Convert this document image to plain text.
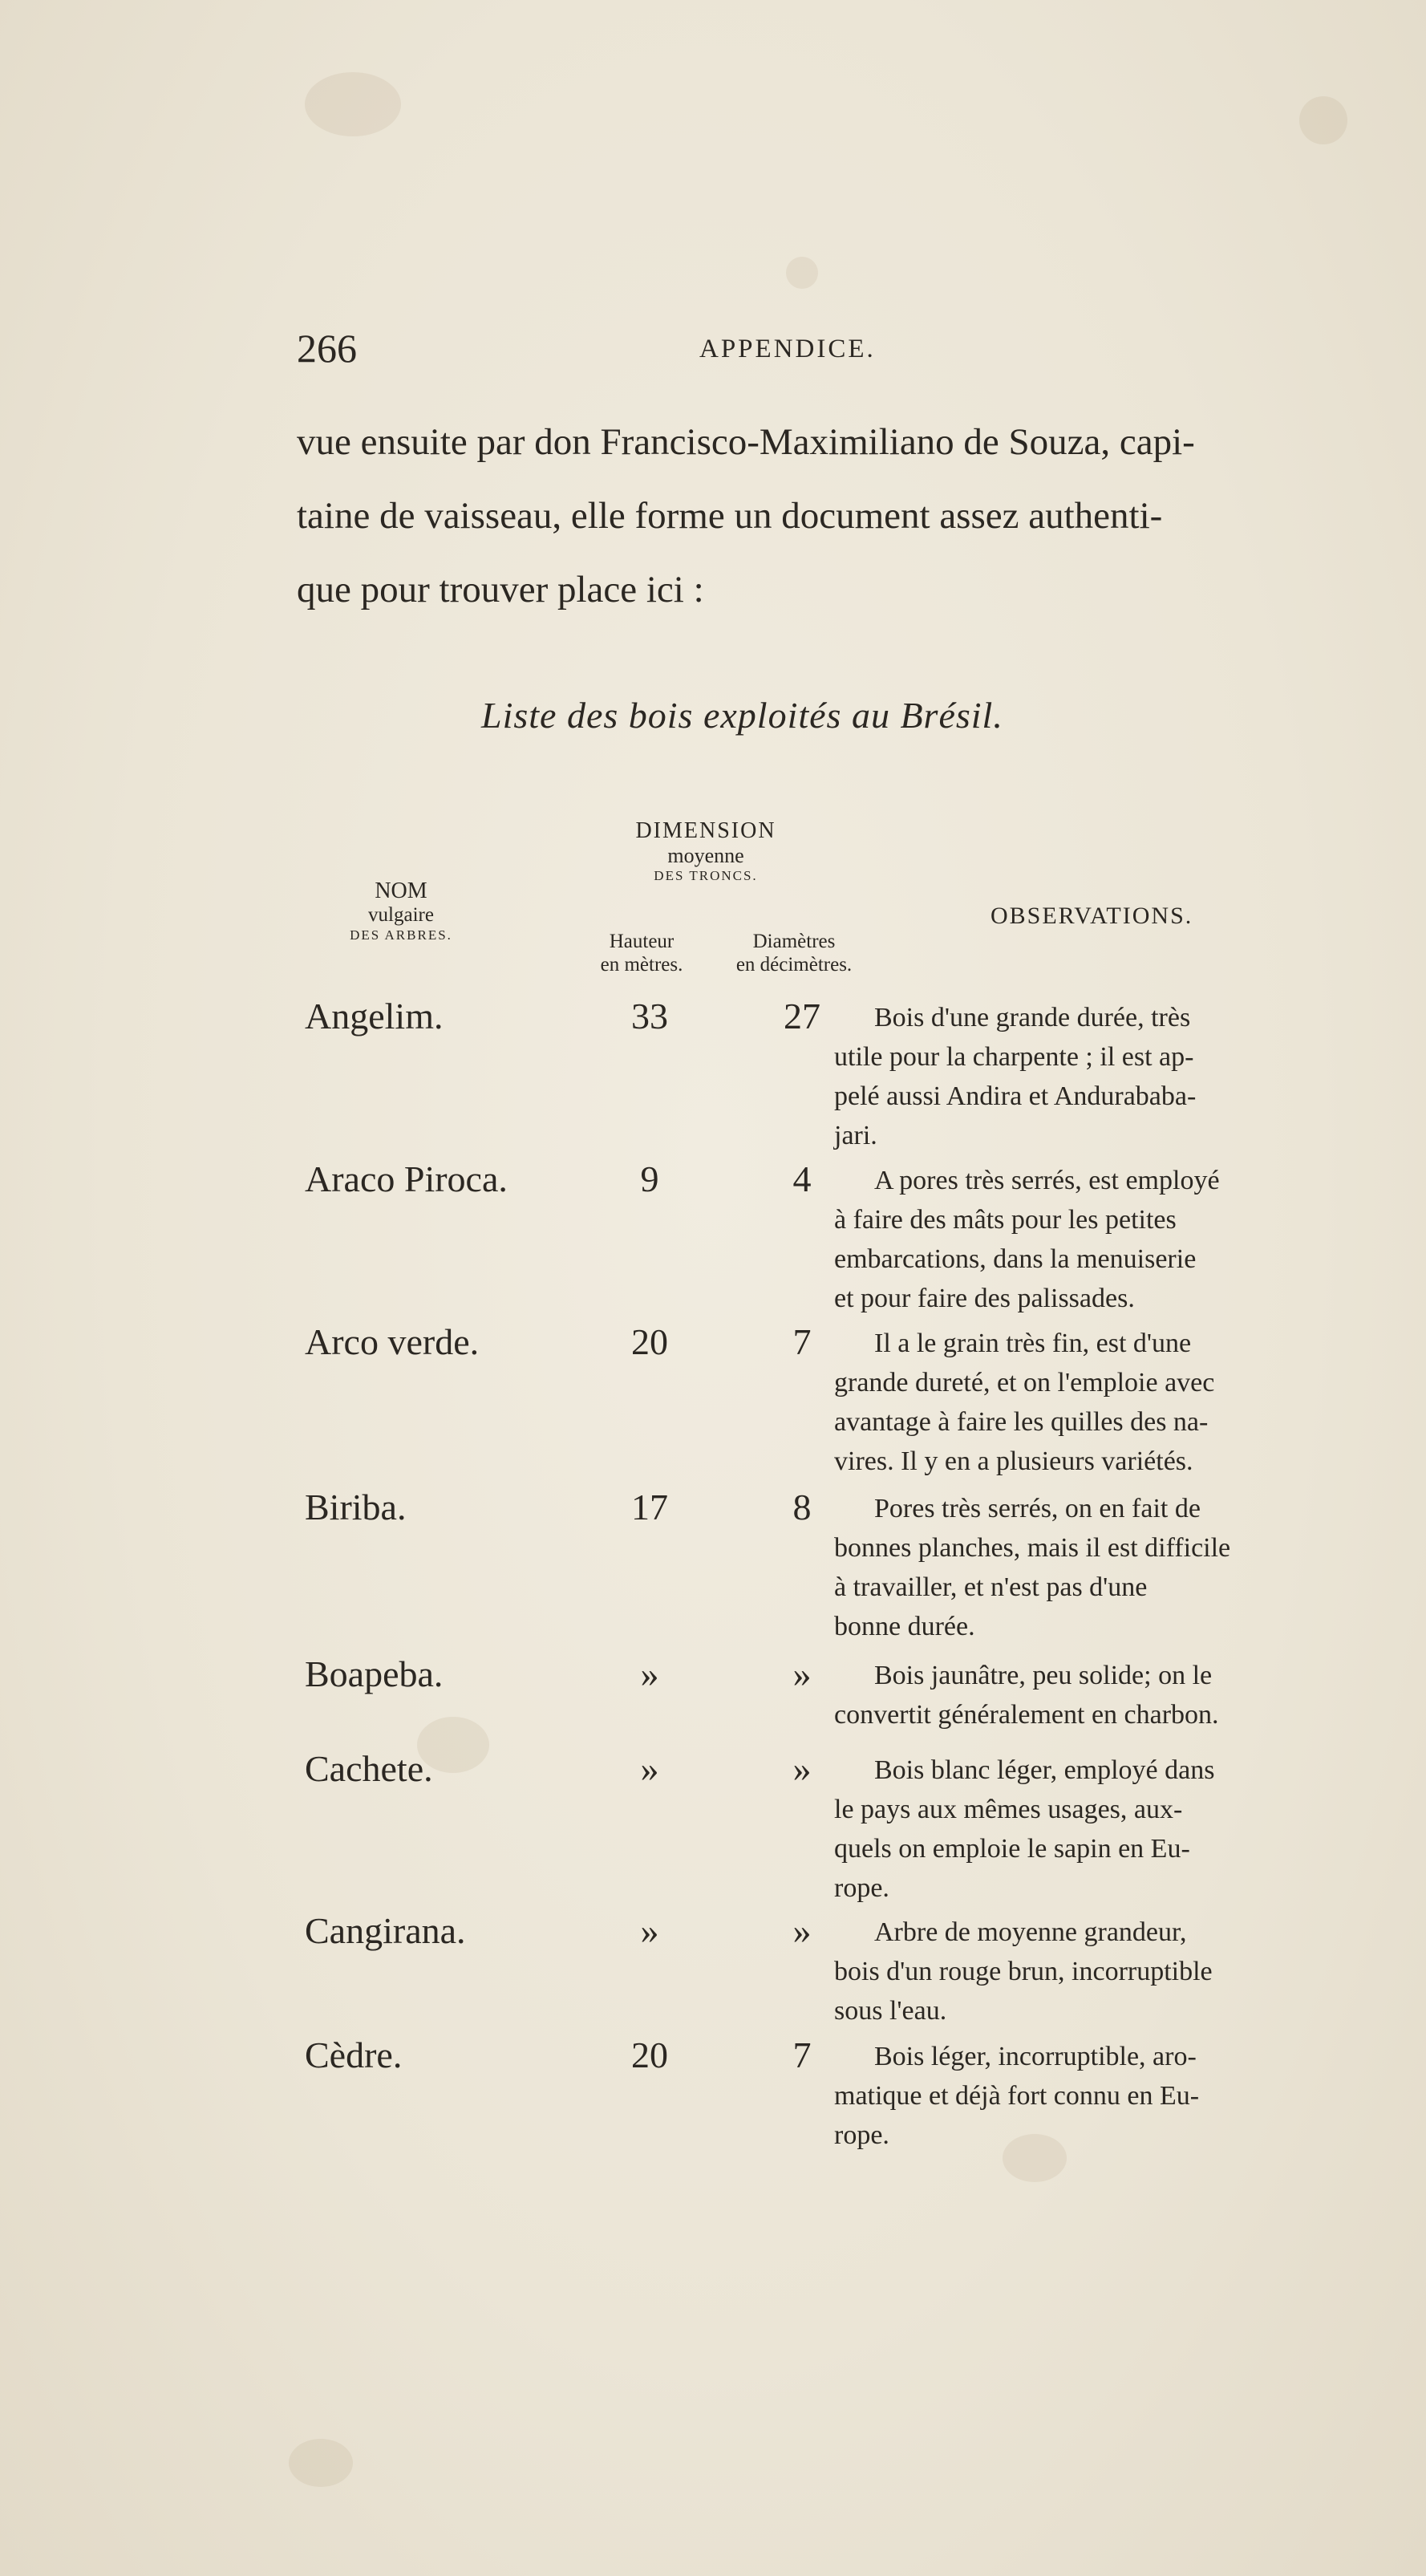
266	APPENDICE.
vue ensuite par don Francisco-Maximiliano de Souza, capi-
taine de vaisseau, elle forme un document assez authenti-
que pour trouver place ici :
Liste des bois exploités au Brésil.
DIMENSION
moyenne
DES TRONCS.
NOM
vulgaire
DES ARBRES.
OBSERVATIONS.
Hauteur
en mètres.
Diamètres
en décimètres.
Angelim.	33	27	Bois d'une grande durée, très
utile pour la charpente ; il est ap-
pelé aussi Andira et Andurababa-
jari.
Araco Piroca.	9	4	A pores très serrés, est employé
à faire des mâts pour les petites
embarcations, dans la menuiserie
et pour faire des palissades.
Arco verde.	20	7	Il a le grain très fin, est d'une
grande dureté, et on l'emploie avec
avantage à faire les quilles des na-
vires. Il y en a plusieurs variétés.
Biriba.	17	8	Pores très serrés, on en fait de
bonnes planches, mais il est difficile
à travailler, et n'est pas d'une
bonne durée.
Boapeba.	»	»	Bois jaunâtre, peu solide; on le
convertit généralement en charbon.
Cachete.	»	»	Bois blanc léger, employé dans
le pays aux mêmes usages, aux-
quels on emploie le sapin en Eu-
rope.
Cangirana.	»	»	Arbre de moyenne grandeur,
bois d'un rouge brun, incorruptible
sous l'eau.
Cèdre.	20	7	Bois léger, incorruptible, aro-
matique et déjà fort connu en Eu-
rope.
